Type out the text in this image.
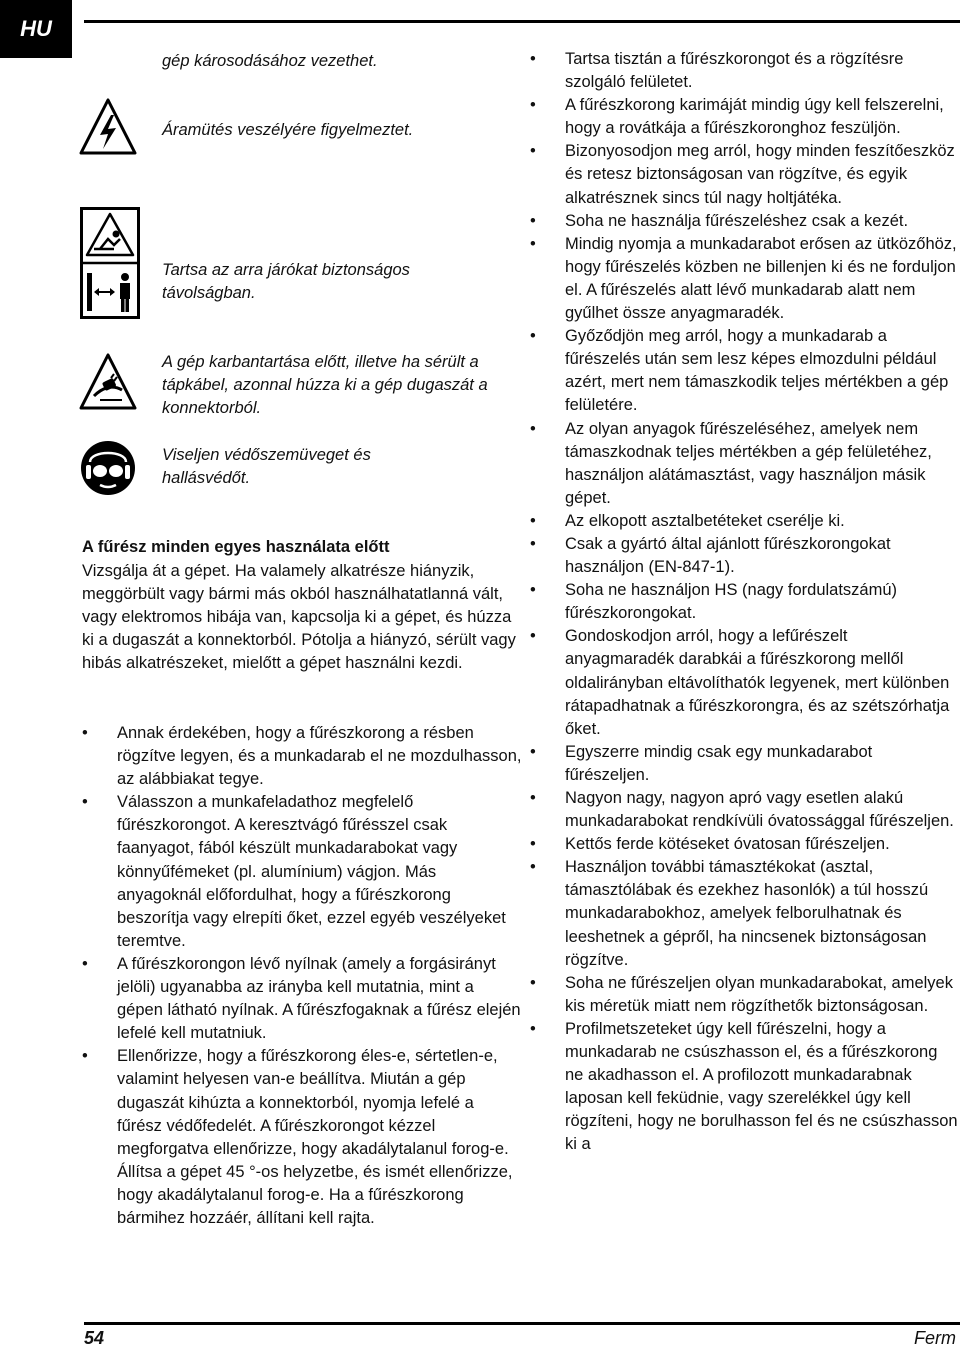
HU
gép károsodásához vezethet.
Áramütés veszélyére figyelmeztet.
Tartsa az arra járókat biztonságos távolságban.
A gép karbantartása előtt, illetve ha sérült a tápkábel, azonnal húzza ki a gép dugaszát a konnektorból.
Viseljen védőszemüveget és hallásvédőt.
A fűrész minden egyes használata előtt
Vizsgálja át a gépet. Ha valamely alkatrésze hiányzik, meggörbült vagy bármi más okból használhatatlanná vált, vagy elektromos hibája van, kapcsolja ki a gépet, és húzza ki a dugaszát a konnektorból. Pótolja a hiányzó, sérült vagy hibás alkatrészeket, mielőtt a gépet használni kezdi.
• Annak érdekében, hogy a fűrészkorong a résben rögzítve legyen, és a munkadarab el ne mozdulhasson, az alábbiakat tegye.
• Válasszon a munkafeladathoz megfelelő fűrészkorongot. A keresztvágó fűrésszel csak faanyagot, fából készült munkadarabokat vagy könnyűfémeket (pl. alumínium) vágjon. Más anyagoknál előfordulhat, hogy a fűrészkorong beszorítja vagy elrepíti őket, ezzel egyéb veszélyeket teremtve.
• A fűrészkorongon lévő nyílnak (amely a forgásirányt jelöli) ugyanabba az irányba kell mutatnia, mint a gépen látható nyílnak. A fűrészfogaknak a fűrész elején lefelé kell mutatniuk.
• Ellenőrizze, hogy a fűrészkorong éles-e, sértetlen-e, valamint helyesen van-e beállítva. Miután a gép dugaszát kihúzta a konnektorból, nyomja lefelé a fűrész védőfedelét. A fűrészkorongot kézzel megforgatva ellenőrizze, hogy akadálytalanul forog-e. Állítsa a gépet 45 °-os helyzetbe, és ismét ellenőrizze, hogy akadálytalanul forog-e. Ha a fűrészkorong bármihez hozzáér, állítani kell rajta.
• Tartsa tisztán a fűrészkorongot és a rögzítésre szolgáló felületet.
• A fűrészkorong karimáját mindig úgy kell felszerelni, hogy a rovátkája a fűrészkoronghoz feszüljön.
• Bizonyosodjon meg arról, hogy minden feszítőeszköz és retesz biztonságosan van rögzítve, és egyik alkatrésznek sincs túl nagy holtjátéka.
• Soha ne használja fűrészeléshez csak a kezét.
• Mindig nyomja a munkadarabot erősen az ütközőhöz, hogy fűrészelés közben ne billenjen ki és ne forduljon el. A fűrészelés alatt lévő munkadarab alatt nem gyűlhet össze anyagmaradék.
• Győződjön meg arról, hogy a munkadarab a fűrészelés után sem lesz képes elmozdulni például azért, mert nem támaszkodik teljes mértékben a gép felületére.
• Az olyan anyagok fűrészeléséhez, amelyek nem támaszkodnak teljes mértékben a gép felületéhez, használjon alátámasztást, vagy használjon másik gépet.
• Az elkopott asztalbetéteket cserélje ki.
• Csak a gyártó által ajánlott fűrészkorongokat használjon (EN-847-1).
• Soha ne használjon HS (nagy fordulatszámú) fűrészkorongokat.
• Gondoskodjon arról, hogy a lefűrészelt anyagmaradék darabkái a fűrészkorong mellől oldalirányban eltávolíthatók legyenek, mert különben rátapadhatnak a fűrészkorongra, és az szétszórhatja őket.
• Egyszerre mindig csak egy munkadarabot fűrészeljen.
• Nagyon nagy, nagyon apró vagy esetlen alakú munkadarabokat rendkívüli óvatossággal fűrészeljen.
• Kettős ferde kötéseket óvatosan fűrészeljen.
• Használjon további támasztékokat (asztal, támasztólábak és ezekhez hasonlók) a túl hosszú munkadarabokhoz, amelyek felborulhatnak és leeshetnek a gépről, ha nincsenek biztonságosan rögzítve.
• Soha ne fűrészeljen olyan munkadarabokat, amelyek kis méretük miatt nem rögzíthetők biztonságosan.
• Profilmetszeteket úgy kell fűrészelni, hogy a munkadarab ne csúszhasson el, és a fűrészkorong ne akadhasson el. A profilozott munkadarabnak laposan kell feküdnie, vagy szerelékkel úgy kell rögzíteni, hogy ne borulhasson fel és ne csúszhasson ki a
54	Ferm
